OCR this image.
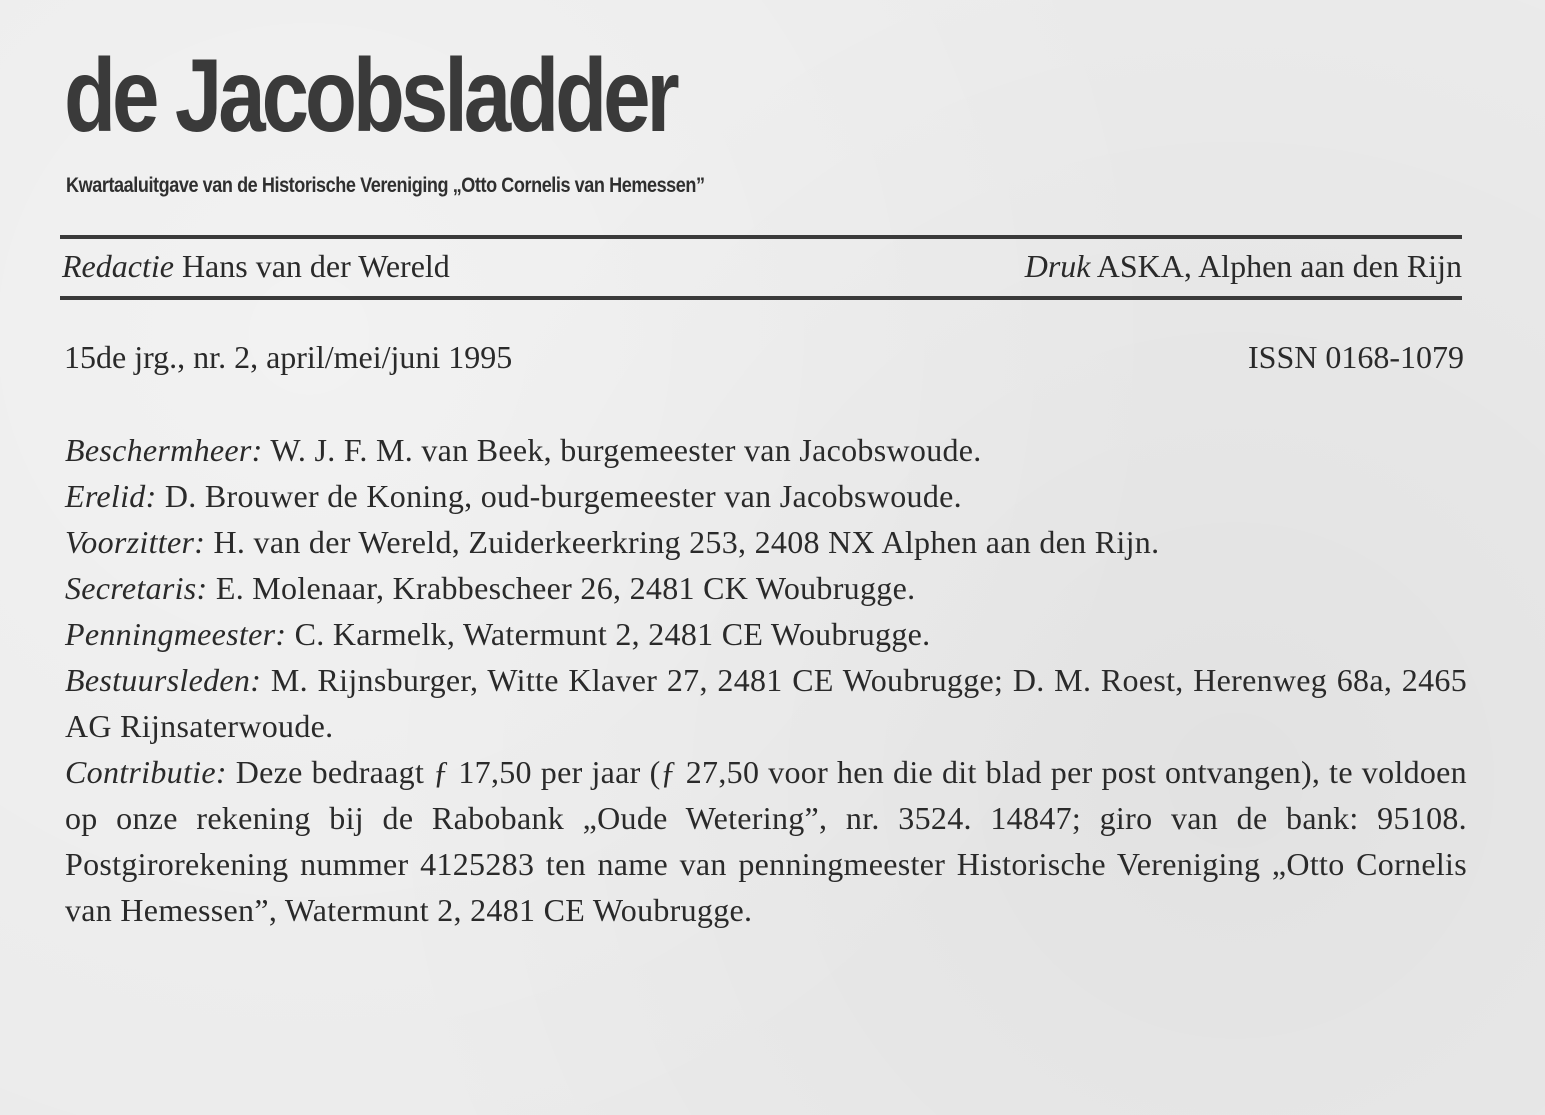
de Jacobsladder
Kwartaaluitgave van de Historische Vereniging „Otto Cornelis van Hemessen”
Redactie Hans van der Wereld	Druk ASKA, Alphen aan den Rijn
15de jrg., nr. 2, april/mei/juni 1995	ISSN 0168-1079

Beschermheer: W. J. F. M. van Beek, burgemeester van Jacobswoude.

Erelid: D. Brouwer de Koning, oud-burgemeester van Jacobswoude.

Voorzitter: H. van der Wereld, Zuiderkeerkring 253, 2408 NX Alphen aan den Rijn.

Secretaris: E. Molenaar, Krabbescheer 26, 2481 CK Woubrugge.

Penningmeester: C. Karmelk, Watermunt 2, 2481 CE Woubrugge.

Bestuursleden: M. Rijnsburger, Witte Klaver 27, 2481 CE Woubrugge; D. M. Roest, Herenweg 68a, 2465 AG Rijnsaterwoude.

Contributie: Deze bedraagt ƒ 17,50 per jaar (ƒ 27,50 voor hen die dit blad per post ontvangen), te voldoen op onze rekening bij de Rabobank „Oude Wetering”, nr. 3524. 14847; giro van de bank: 95108. Postgirorekening nummer 4125283 ten name van penningmeester Historische Vereniging „Otto Cornelis van Hemessen”, Watermunt 2, 2481 CE Woubrugge.
